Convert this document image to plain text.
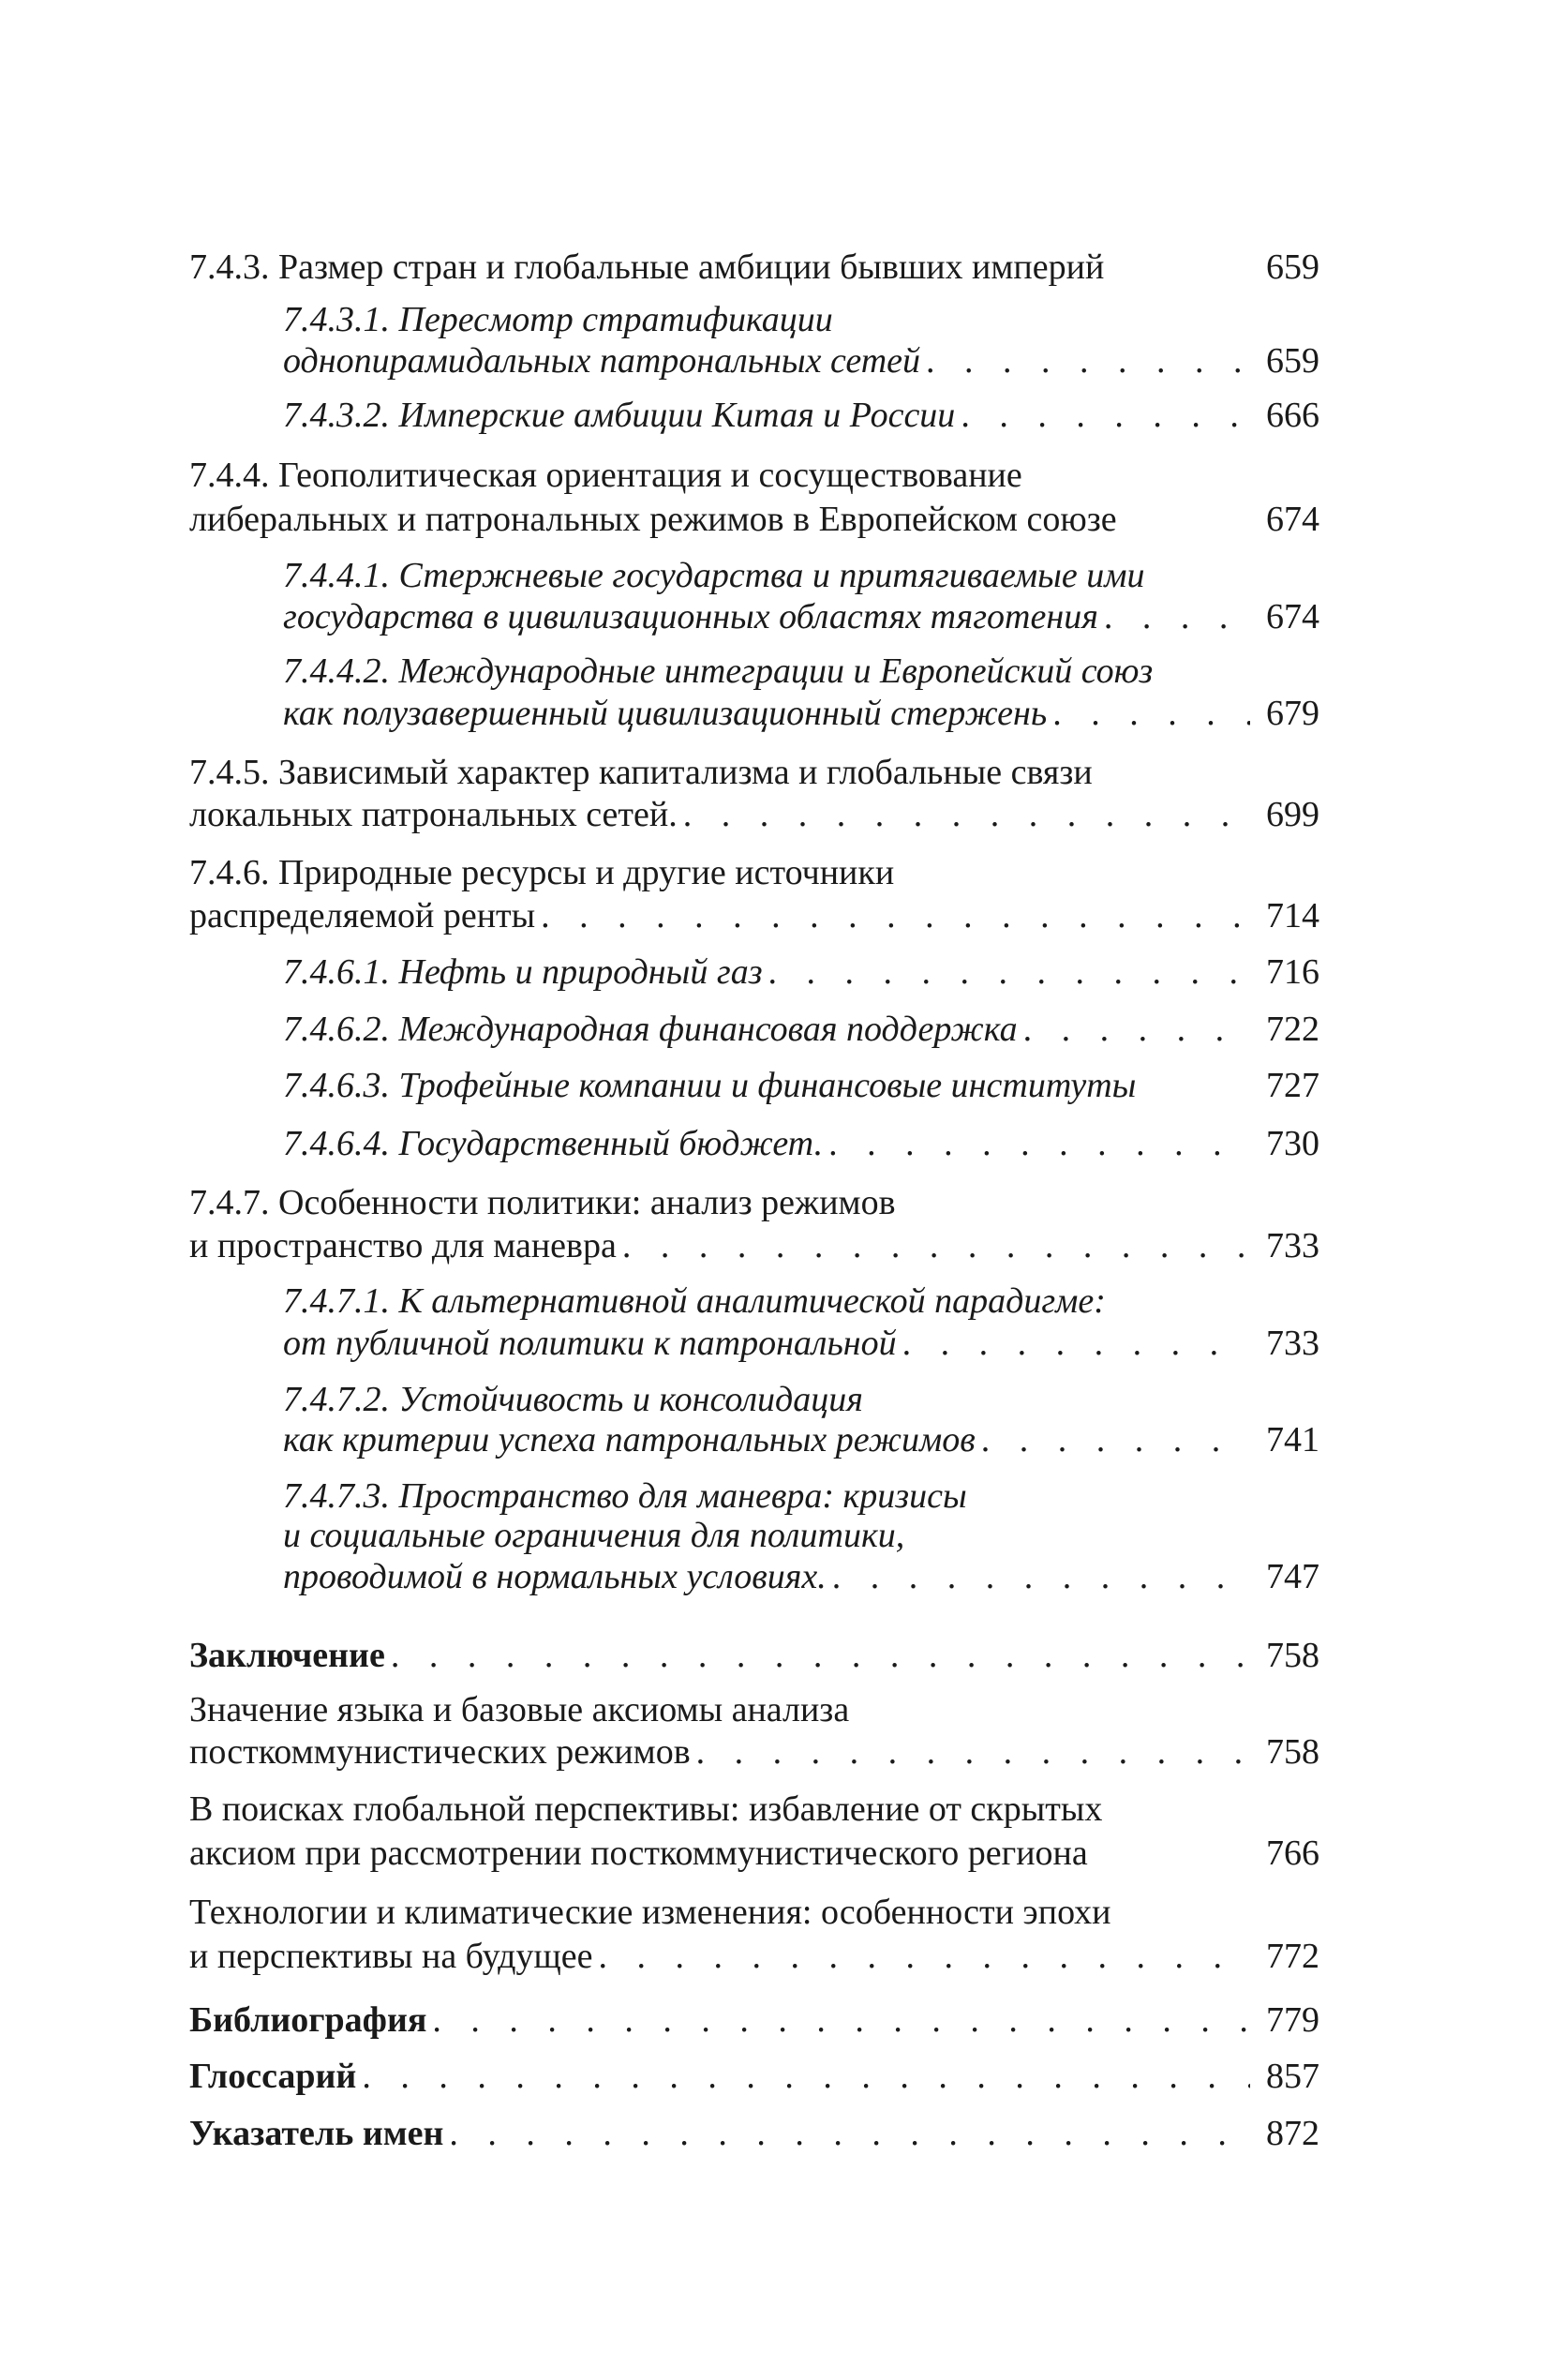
7.4.3. Размер стран и глобальные амбиции бывших империй	659
7.4.3.1. Пересмотр стратификации
однопирамидальных патрональных сетей . . .	659
7.4.3.2. Имперские амбиции Китая и России . . .	666
7.4.4. Геополитическая ориентация и сосуществование
либеральных и патрональных режимов в Европейском союзе	674
7.4.4.1. Стержневые государства и притягиваемые ими
государства в цивилизационных областях тяготения . . .	674
7.4.4.2. Международные интеграции и Европейский союз
как полузавершенный цивилизационный стержень . . .	679
7.4.5. Зависимый характер капитализма и глобальные связи
локальных патрональных сетей. . . .	699
7.4.6. Природные ресурсы и другие источники
распределяемой ренты . . .	714
7.4.6.1. Нефть и природный газ . . .	716
7.4.6.2. Международная финансовая поддержка . . .	722
7.4.6.3. Трофейные компании и финансовые институты	727
7.4.6.4. Государственный бюджет. . . .	730
7.4.7. Особенности политики: анализ режимов
и пространство для маневра . . .	733
7.4.7.1. К альтернативной аналитической парадигме:
от публичной политики к патрональной . . .	733
7.4.7.2. Устойчивость и консолидация
как критерии успеха патрональных режимов . . .	741
7.4.7.3. Пространство для маневра: кризисы
и социальные ограничения для политики,
проводимой в нормальных условиях. . . .	747
Заключение . . .	758
Значение языка и базовые аксиомы анализа
посткоммунистических режимов . . .	758
В поисках глобальной перспективы: избавление от скрытых
аксиом при рассмотрении посткоммунистического региона	766
Технологии и климатические изменения: особенности эпохи
и перспективы на будущее . . .	772
Библиография . . .	779
Глоссарий . . .	857
Указатель имен . . .	872
